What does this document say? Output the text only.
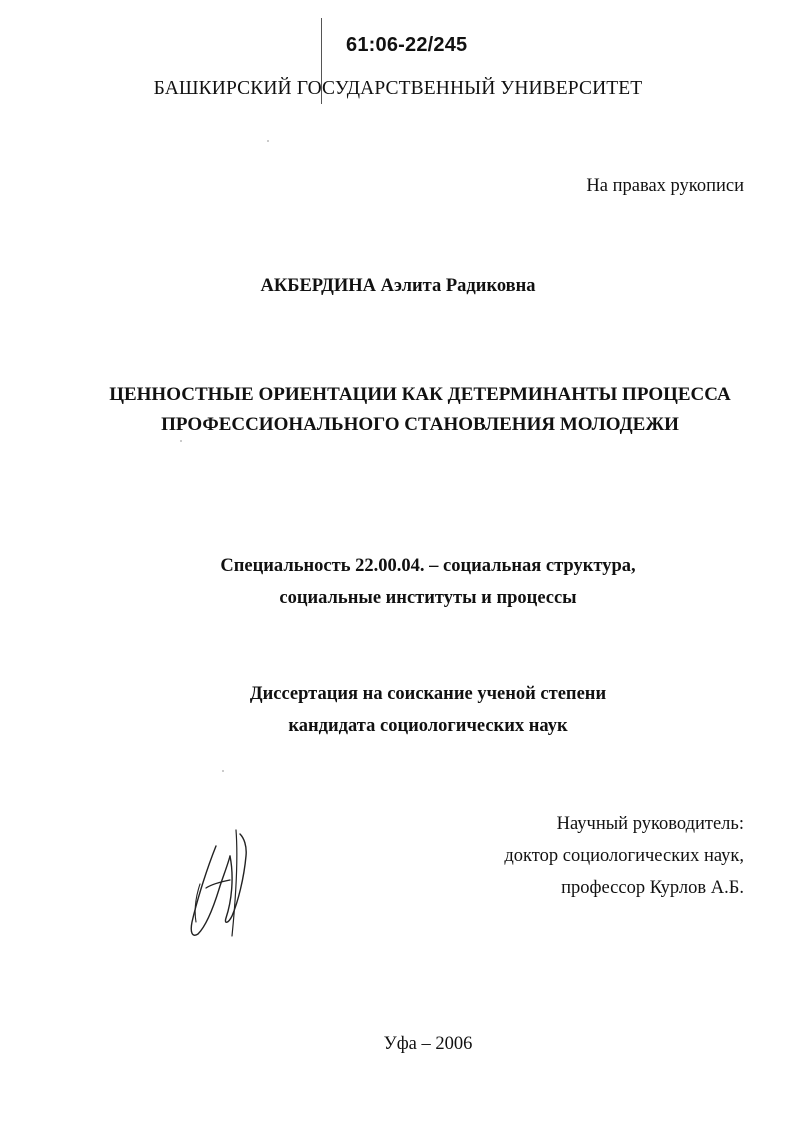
61:06-22/245
БАШКИРСКИЙ ГОСУДАРСТВЕННЫЙ УНИВЕРСИТЕТ
На правах рукописи
АКБЕРДИНА Аэлита Радиковна
ЦЕННОСТНЫЕ ОРИЕНТАЦИИ КАК ДЕТЕРМИНАНТЫ ПРОЦЕССА
ПРОФЕССИОНАЛЬНОГО СТАНОВЛЕНИЯ МОЛОДЕЖИ
Специальность 22.00.04. – социальная структура,
социальные институты и процессы
Диссертация на соискание ученой степени
кандидата социологических наук
Научный руководитель:
доктор социологических наук,
профессор Курлов А.Б.
Уфа – 2006
